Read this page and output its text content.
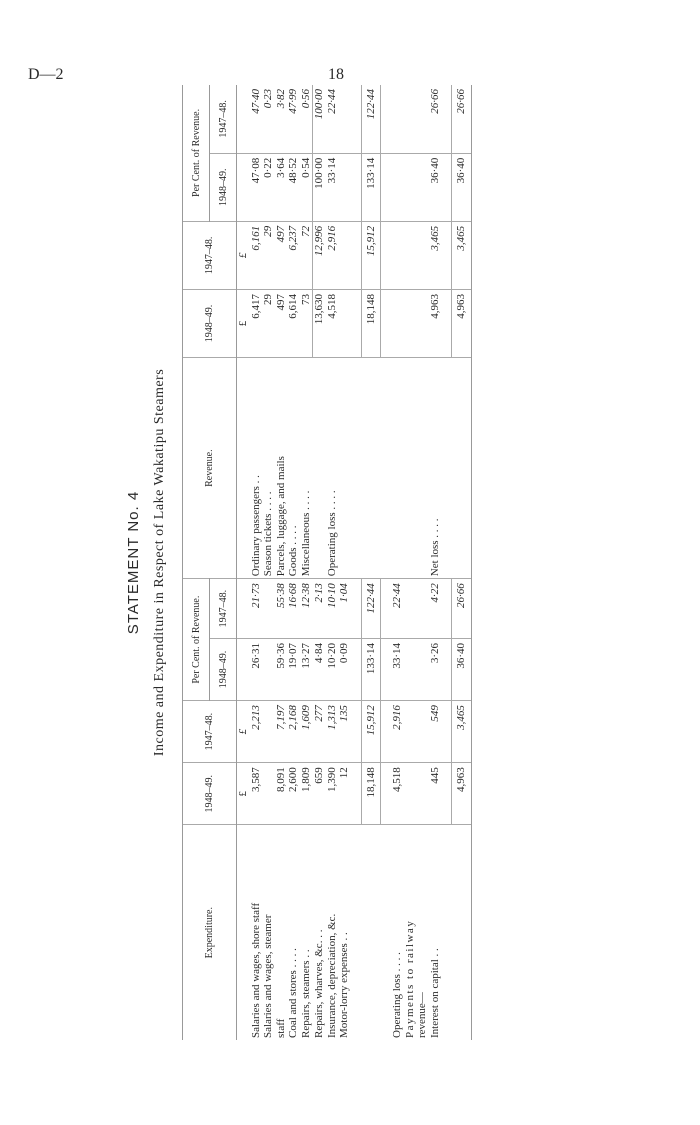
D—2	18
STATEMENT No. 4 Income and Expenditure in Respect of Lake Wakatipu Steamers
Expenditure.	1948–49.	1947–48.	Per Cent. of Revenue.		Revenue.	1948–49.	1947–48.	Per Cent. of Revenue.	
			1948–49.	1947–48.				1948–49.	1947–48.
	£	£				£	£		
Salaries and wages, shore staff	3,587	2,213	26·31	21·73	Ordinary passengers . .	6,417	6,161	47·08	47·40
Salaries and wages, steamer					Season tickets . . . .	29	29	0·22	0·23
staff	8,091	7,197	59·36	55·38	Parcels, luggage, and mails	497	497	3·64	3·82
Coal and stores . . . .	2,600	2,168	19·07	16·68	Goods . . . .	6,614	6,237	48·52	47·99
Repairs, steamers . .	1,809	1,609	13·27	12·38	Miscellaneous . . . .	73	72	0·54	0·56
Repairs, wharves, &c. . .	659	277	4·84	2·13		13,630	12,996	100·00	100·00
Insurance, depreciation, &c.	1,390	1,313	10·20	10·10	Operating loss . . . .	4,518	2,916	33·14	22·44
Motor-lorry expenses . .	12	135	0·09	1·04					

	18,148	15,912	133·14	122·44		18,148	15,912	133·14	122·44

Operating loss . . . .	4,518	2,916	33·14	22·44					
Payments to railway									
revenue—									
Interest on capital . .	445	549	3·26	4·22	Net loss . . . .	4,963	3,465	36·40	26·66

	4,963	3,465	36·40	26·66		4,963	3,465	36·40	26·66
